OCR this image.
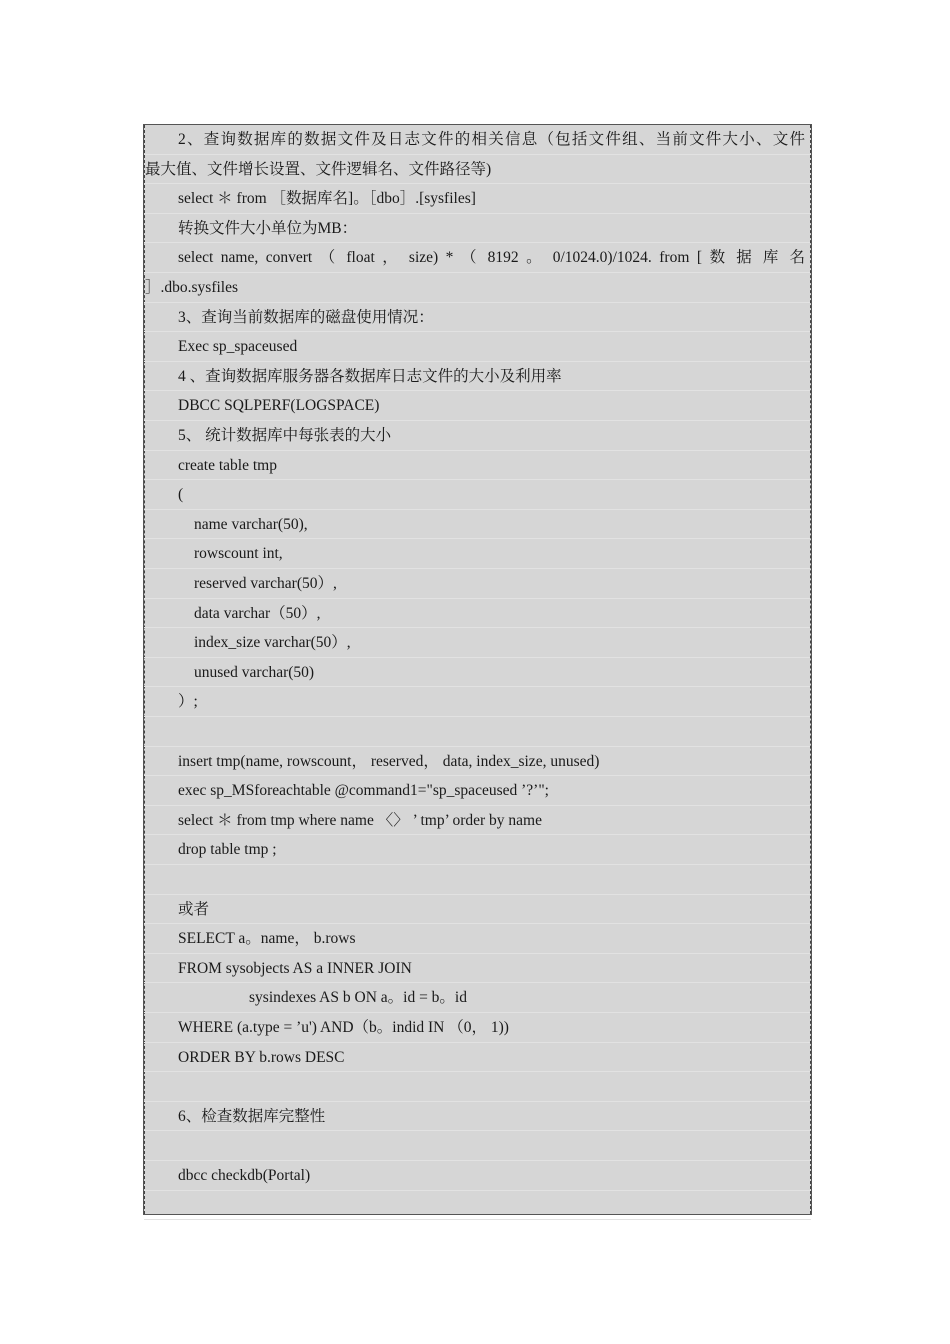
2、查询数据库的数据文件及日志文件的相关信息（包括文件组、当前文件大小、文件
最大值、文件增长设置、文件逻辑名、文件路径等)
select ＊ from ［数据库名]。［dbo］.[sysfiles]
转换文件大小单位为MB：
select name, convert （ float ， size) * （ 8192 。 0/1024.0)/1024. from [ 数 据 库 名
］.dbo.sysfiles
3、查询当前数据库的磁盘使用情况：
Exec sp_spaceused
4 、查询数据库服务器各数据库日志文件的大小及利用率
DBCC SQLPERF(LOGSPACE)
5、 统计数据库中每张表的大小
create table tmp
(
name varchar(50),
rowscount int,
reserved varchar(50）,
data varchar（50）,
index_size varchar(50）,
unused varchar(50)
）;
insert tmp(name, rowscount， reserved， data, index_size, unused)
exec sp_MSforeachtable @command1="sp_spaceused ’?’";
select ＊ from tmp where name 〈〉 ’ tmp’ order by name
drop table tmp ;
或者
SELECT a。name， b.rows
FROM sysobjects AS a INNER JOIN
sysindexes AS b ON a。id = b。id
WHERE (a.type = ’u') AND（b。indid IN （0， 1))
ORDER BY b.rows DESC
6、检查数据库完整性
dbcc checkdb(Portal)
